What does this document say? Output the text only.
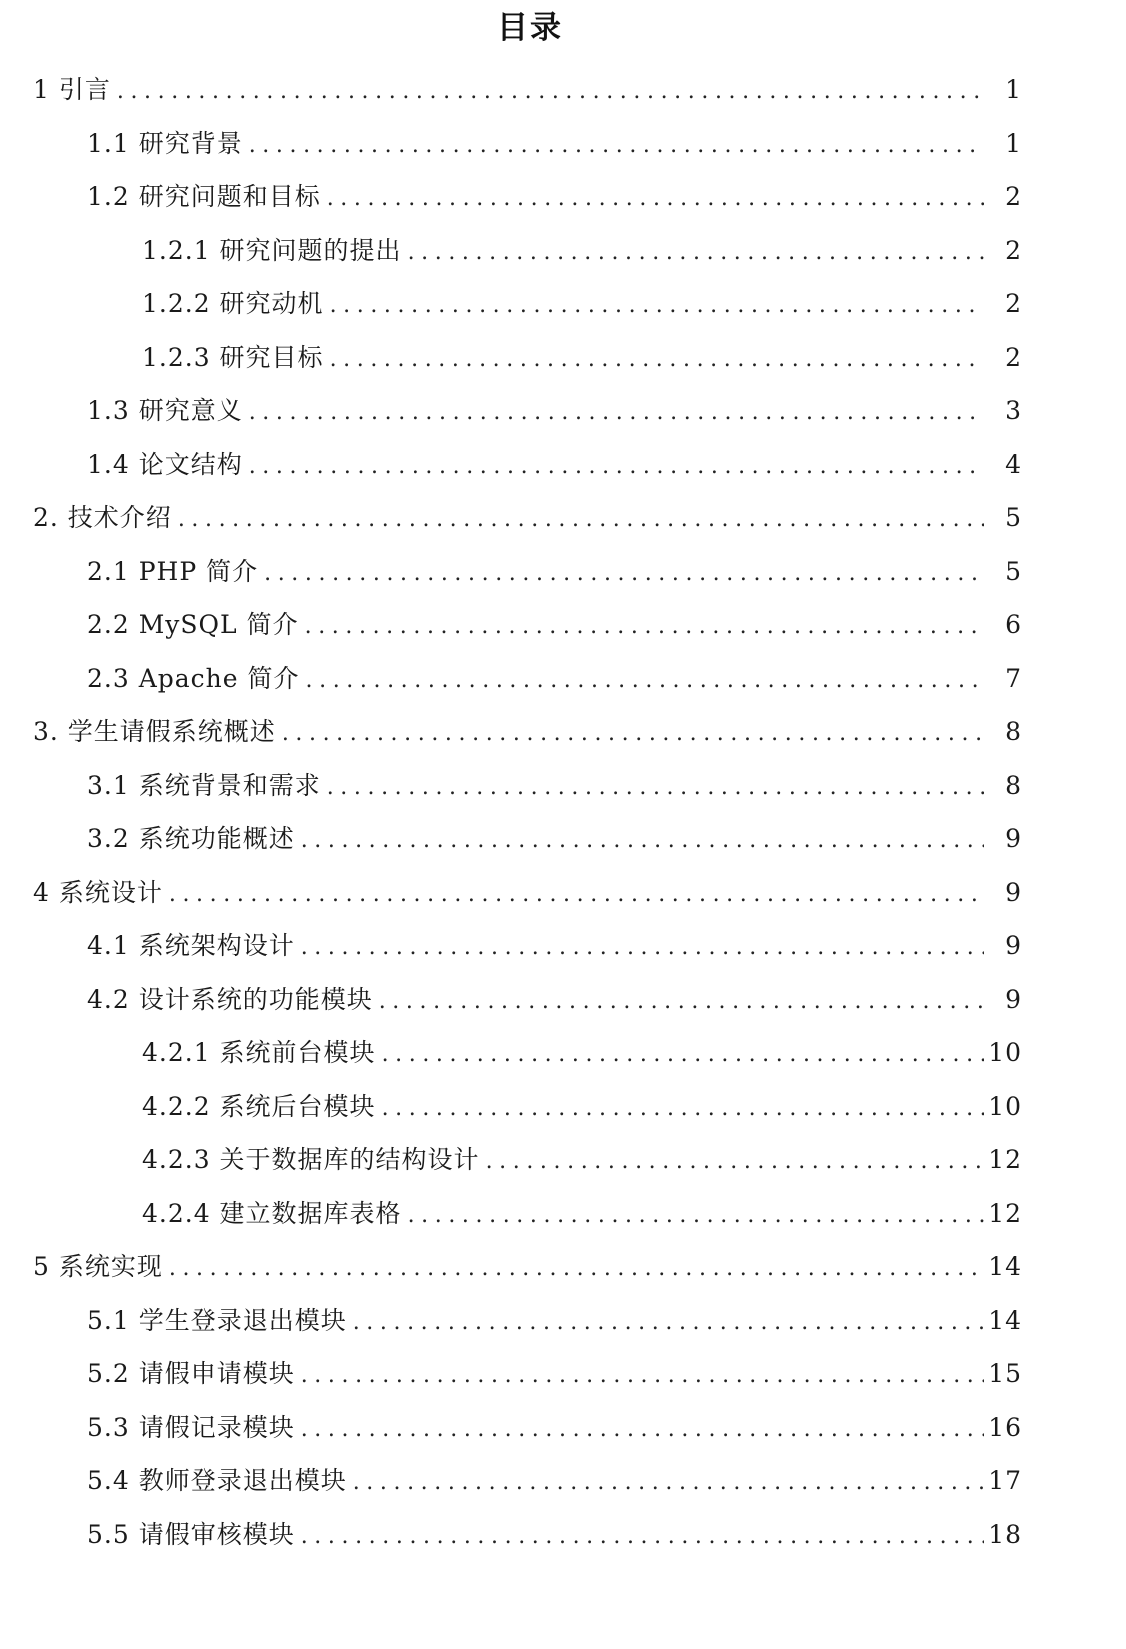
目录
1 引言 .....	1
1.1 研究背景 .....	1
1.2 研究问题和目标 .....	2
1.2.1 研究问题的提出 .....	2
1.2.2 研究动机 .....	2
1.2.3 研究目标 .....	2
1.3 研究意义 .....	3
1.4 论文结构 .....	4
2. 技术介绍 .....	5
2.1 PHP 简介 .....	5
2.2 MySQL 简介 .....	6
2.3 Apache 简介 .....	7
3. 学生请假系统概述 .....	8
3.1 系统背景和需求 .....	8
3.2 系统功能概述 .....	9
4 系统设计 .....	9
4.1 系统架构设计 .....	9
4.2 设计系统的功能模块 .....	9
4.2.1 系统前台模块 .....	10
4.2.2 系统后台模块 .....	10
4.2.3 关于数据库的结构设计 .....	12
4.2.4 建立数据库表格 .....	12
5 系统实现 .....	14
5.1 学生登录退出模块 .....	14
5.2 请假申请模块 .....	15
5.3 请假记录模块 .....	16
5.4 教师登录退出模块 .....	17
5.5 请假审核模块 .....	18
